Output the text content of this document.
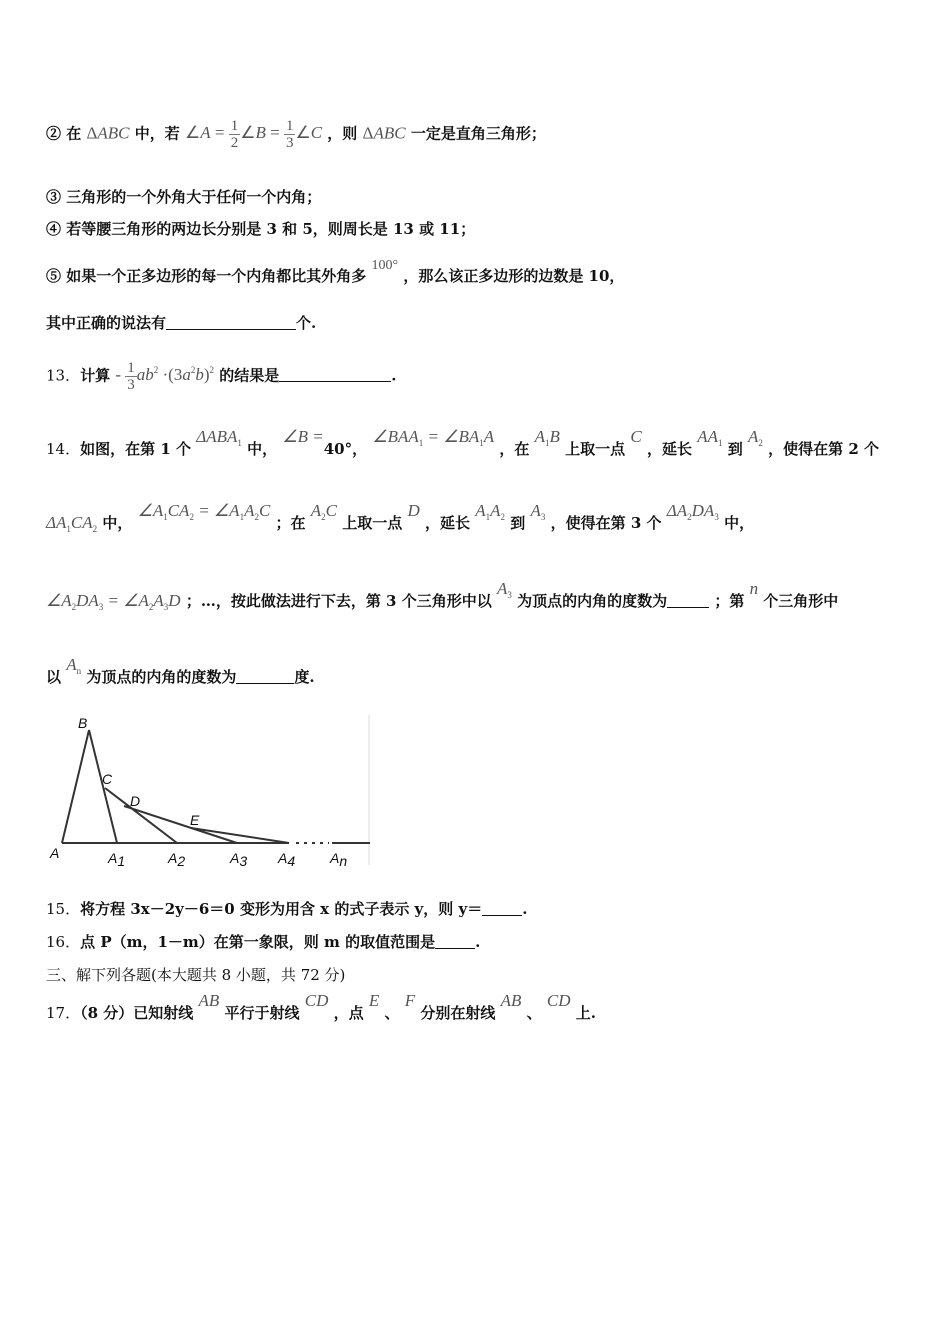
② 在 ΔABC 中，若 ∠A = $\frac{1}{2}$ ∠B = $\frac{1}{3}$ ∠C ，则 ΔABC 一定是直角三角形；
③ 三角形的一个外角大于任何一个内角；
④ 若等腰三角形的两边长分别是 3 和 5，则周长是 13 或 11；
⑤ 如果一个正多边形的每一个内角都比其外角多 100° ，那么该正多边形的边数是 10，
其中正确的说法有	个.
13．计算 - $\frac{1}{3} ab^2 \cdot(3a^2b)^2$ 的结果是	.
14．如图，在第 1 个 $\Delta ABA_1$ 中， ∠B =40°， $\angle BAA_1$ = $\angle BA_1A$ ，在 $A_1B$ 上取一点 C ，延长 $AA_1$ 到 $A_2$ ，使得在第 2 个
$\Delta A_1CA_2$ 中， $\angle A_1CA_2$ = $\angle A_1A_2C$ ；在 $A_2C$ 上取一点 D ，延长 $A_1A_2$ 到 $A_3$ ，使得在第 3 个 $\Delta A_2DA_3$ 中，
$\angle A_2DA_3$ = $\angle A_2A_3D$ ；…，按此做法进行下去，第 3 个三角形中以 $A_3$ 为顶点的内角的度数为	；第 n 个三角形中
以 $A_n$ 为顶点的内角的度数为	度.
B
C
D
E
A	A1	A2	A3 A4 An
15．将方程 3x－2y－6＝0 变形为用含 x 的式子表示 y，则 y＝	.
16．点 P（m，1－m）在第一象限，则 m 的取值范围是	.
三、解下列各题(本大题共 8 小题，共 72 分)
17．（8 分）已知射线 AB 平行于射线 CD ，点 E 、 F 分别在射线 AB 、 CD 上.
